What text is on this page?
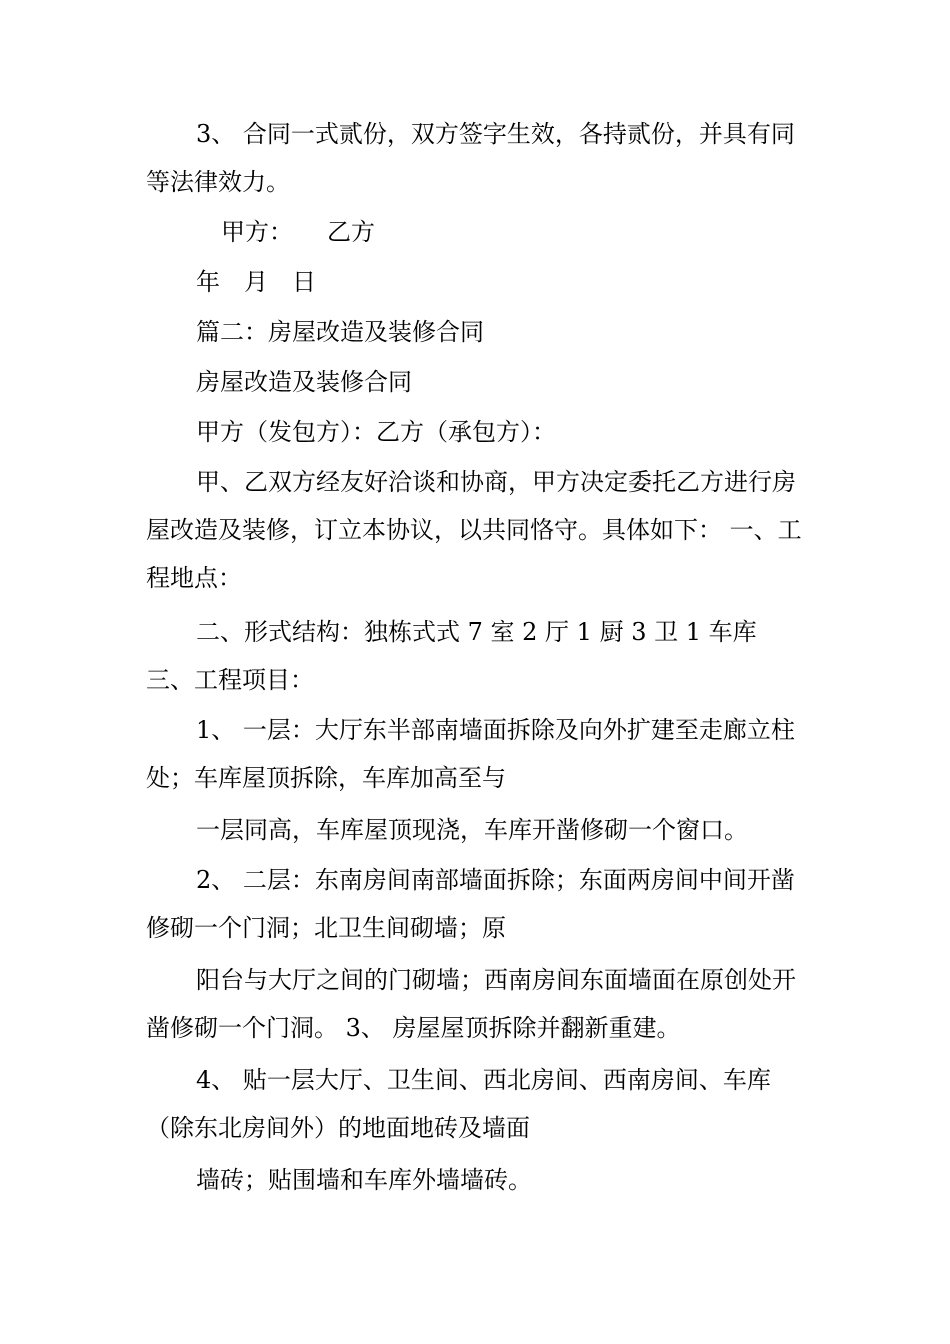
3、 合同一式贰份，双方签字生效，各持贰份，并具有同等法律效力。

甲方： 乙方

年　月　日

篇二：房屋改造及装修合同

房屋改造及装修合同

甲方（发包方）：乙方（承包方）：

甲、乙双方经友好洽谈和协商，甲方决定委托乙方进行房屋改造及装修，订立本协议，以共同恪守。具体如下： 一、工程地点：

二、形式结构：独栋式式 7 室 2 厅 1 厨 3 卫 1 车库 三、工程项目：

1、 一层：大厅东半部南墙面拆除及向外扩建至走廊立柱处；车库屋顶拆除，车库加高至与

一层同高，车库屋顶现浇，车库开凿修砌一个窗口。

2、 二层：东南房间南部墙面拆除；东面两房间中间开凿修砌一个门洞；北卫生间砌墙；原

阳台与大厅之间的门砌墙；西南房间东面墙面在原创处开凿修砌一个门洞。 3、 房屋屋顶拆除并翻新重建。

4、 贴一层大厅、卫生间、西北房间、西南房间、车库（除东北房间外）的地面地砖及墙面

墙砖；贴围墙和车库外墙墙砖。
